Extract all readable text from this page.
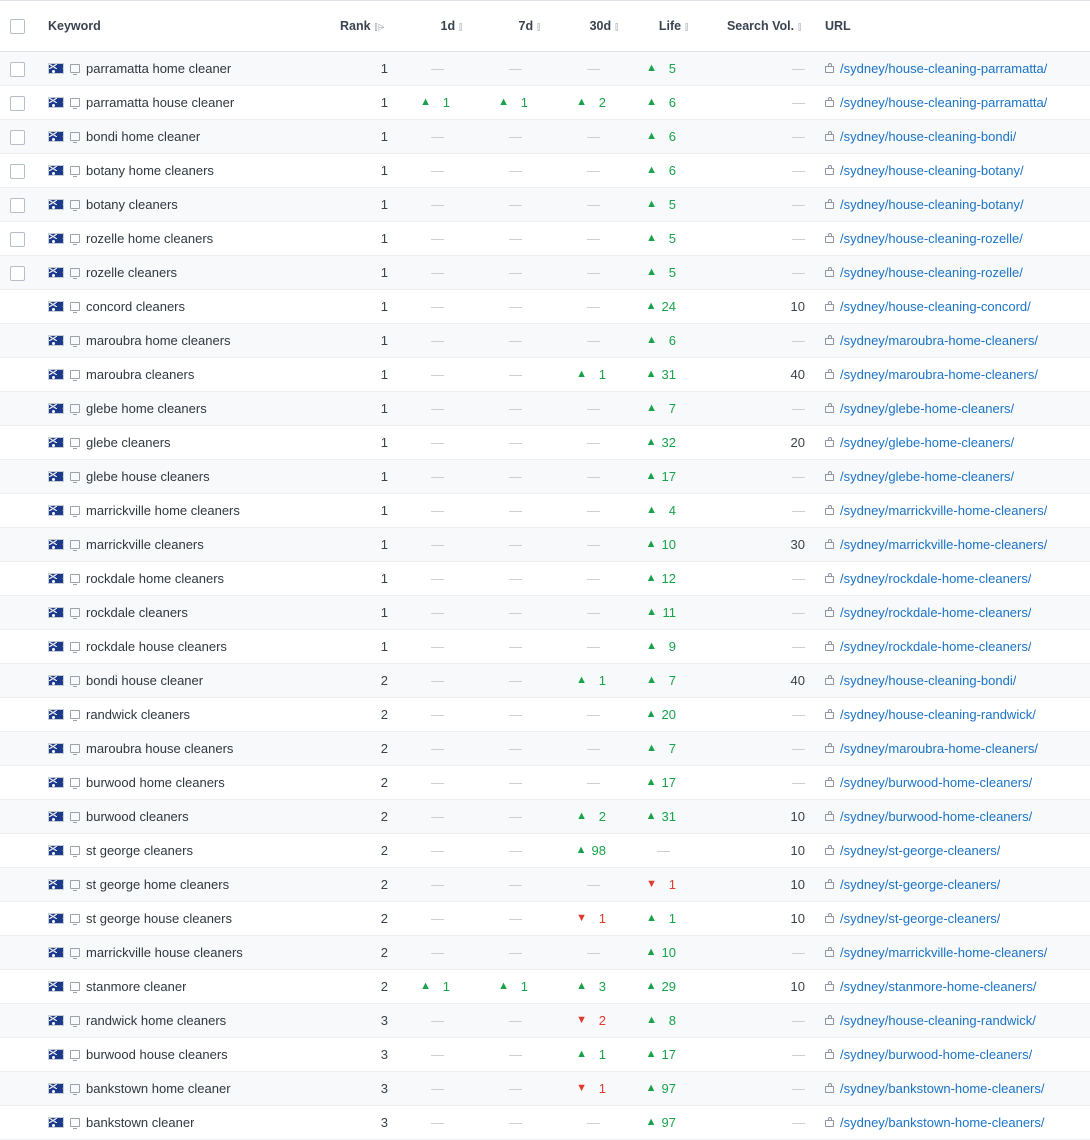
	Keyword	Rank ⫿⩥	1d ⫿	7d ⫿	30d ⫿	Life ⫿	Search Vol. ⫿	URL

	parramatta home cleaner	1	—	—	—	▲ 5	—	/sydney/house-cleaning-parramatta/

	parramatta house cleaner	1	▲ 1	▲ 1	▲ 2	▲ 6	—	/sydney/house-cleaning-parramatta/

	bondi home cleaner	1	—	—	—	▲ 6	—	/sydney/house-cleaning-bondi/

	botany home cleaners	1	—	—	—	▲ 6	—	/sydney/house-cleaning-botany/

	botany cleaners	1	—	—	—	▲ 5	—	/sydney/house-cleaning-botany/

	rozelle home cleaners	1	—	—	—	▲ 5	—	/sydney/house-cleaning-rozelle/

	rozelle cleaners	1	—	—	—	▲ 5	—	/sydney/house-cleaning-rozelle/

	concord cleaners	1	—	—	—	▲ 24	10	/sydney/house-cleaning-concord/

	maroubra home cleaners	1	—	—	—	▲ 6	—	/sydney/maroubra-home-cleaners/

	maroubra cleaners	1	—	—	▲ 1	▲ 31	40	/sydney/maroubra-home-cleaners/

	glebe home cleaners	1	—	—	—	▲ 7	—	/sydney/glebe-home-cleaners/

	glebe cleaners	1	—	—	—	▲ 32	20	/sydney/glebe-home-cleaners/

	glebe house cleaners	1	—	—	—	▲ 17	—	/sydney/glebe-home-cleaners/

	marrickville home cleaners	1	—	—	—	▲ 4	—	/sydney/marrickville-home-cleaners/

	marrickville cleaners	1	—	—	—	▲ 10	30	/sydney/marrickville-home-cleaners/

	rockdale home cleaners	1	—	—	—	▲ 12	—	/sydney/rockdale-home-cleaners/

	rockdale cleaners	1	—	—	—	▲ 11	—	/sydney/rockdale-home-cleaners/

	rockdale house cleaners	1	—	—	—	▲ 9	—	/sydney/rockdale-home-cleaners/

	bondi house cleaner	2	—	—	▲ 1	▲ 7	40	/sydney/house-cleaning-bondi/

	randwick cleaners	2	—	—	—	▲ 20	—	/sydney/house-cleaning-randwick/

	maroubra house cleaners	2	—	—	—	▲ 7	—	/sydney/maroubra-home-cleaners/

	burwood home cleaners	2	—	—	—	▲ 17	—	/sydney/burwood-home-cleaners/

	burwood cleaners	2	—	—	▲ 2	▲ 31	10	/sydney/burwood-home-cleaners/

	st george cleaners	2	—	—	▲ 98	—	10	/sydney/st-george-cleaners/

	st george home cleaners	2	—	—	—	▼ 1	10	/sydney/st-george-cleaners/

	st george house cleaners	2	—	—	▼ 1	▲ 1	10	/sydney/st-george-cleaners/

	marrickville house cleaners	2	—	—	—	▲ 10	—	/sydney/marrickville-home-cleaners/

	stanmore cleaner	2	▲ 1	▲ 1	▲ 3	▲ 29	10	/sydney/stanmore-home-cleaners/

	randwick home cleaners	3	—	—	▼ 2	▲ 8	—	/sydney/house-cleaning-randwick/

	burwood house cleaners	3	—	—	▲ 1	▲ 17	—	/sydney/burwood-home-cleaners/

	bankstown home cleaner	3	—	—	▼ 1	▲ 97	—	/sydney/bankstown-home-cleaners/

	bankstown cleaner	3	—	—	—	▲ 97	—	/sydney/bankstown-home-cleaners/
